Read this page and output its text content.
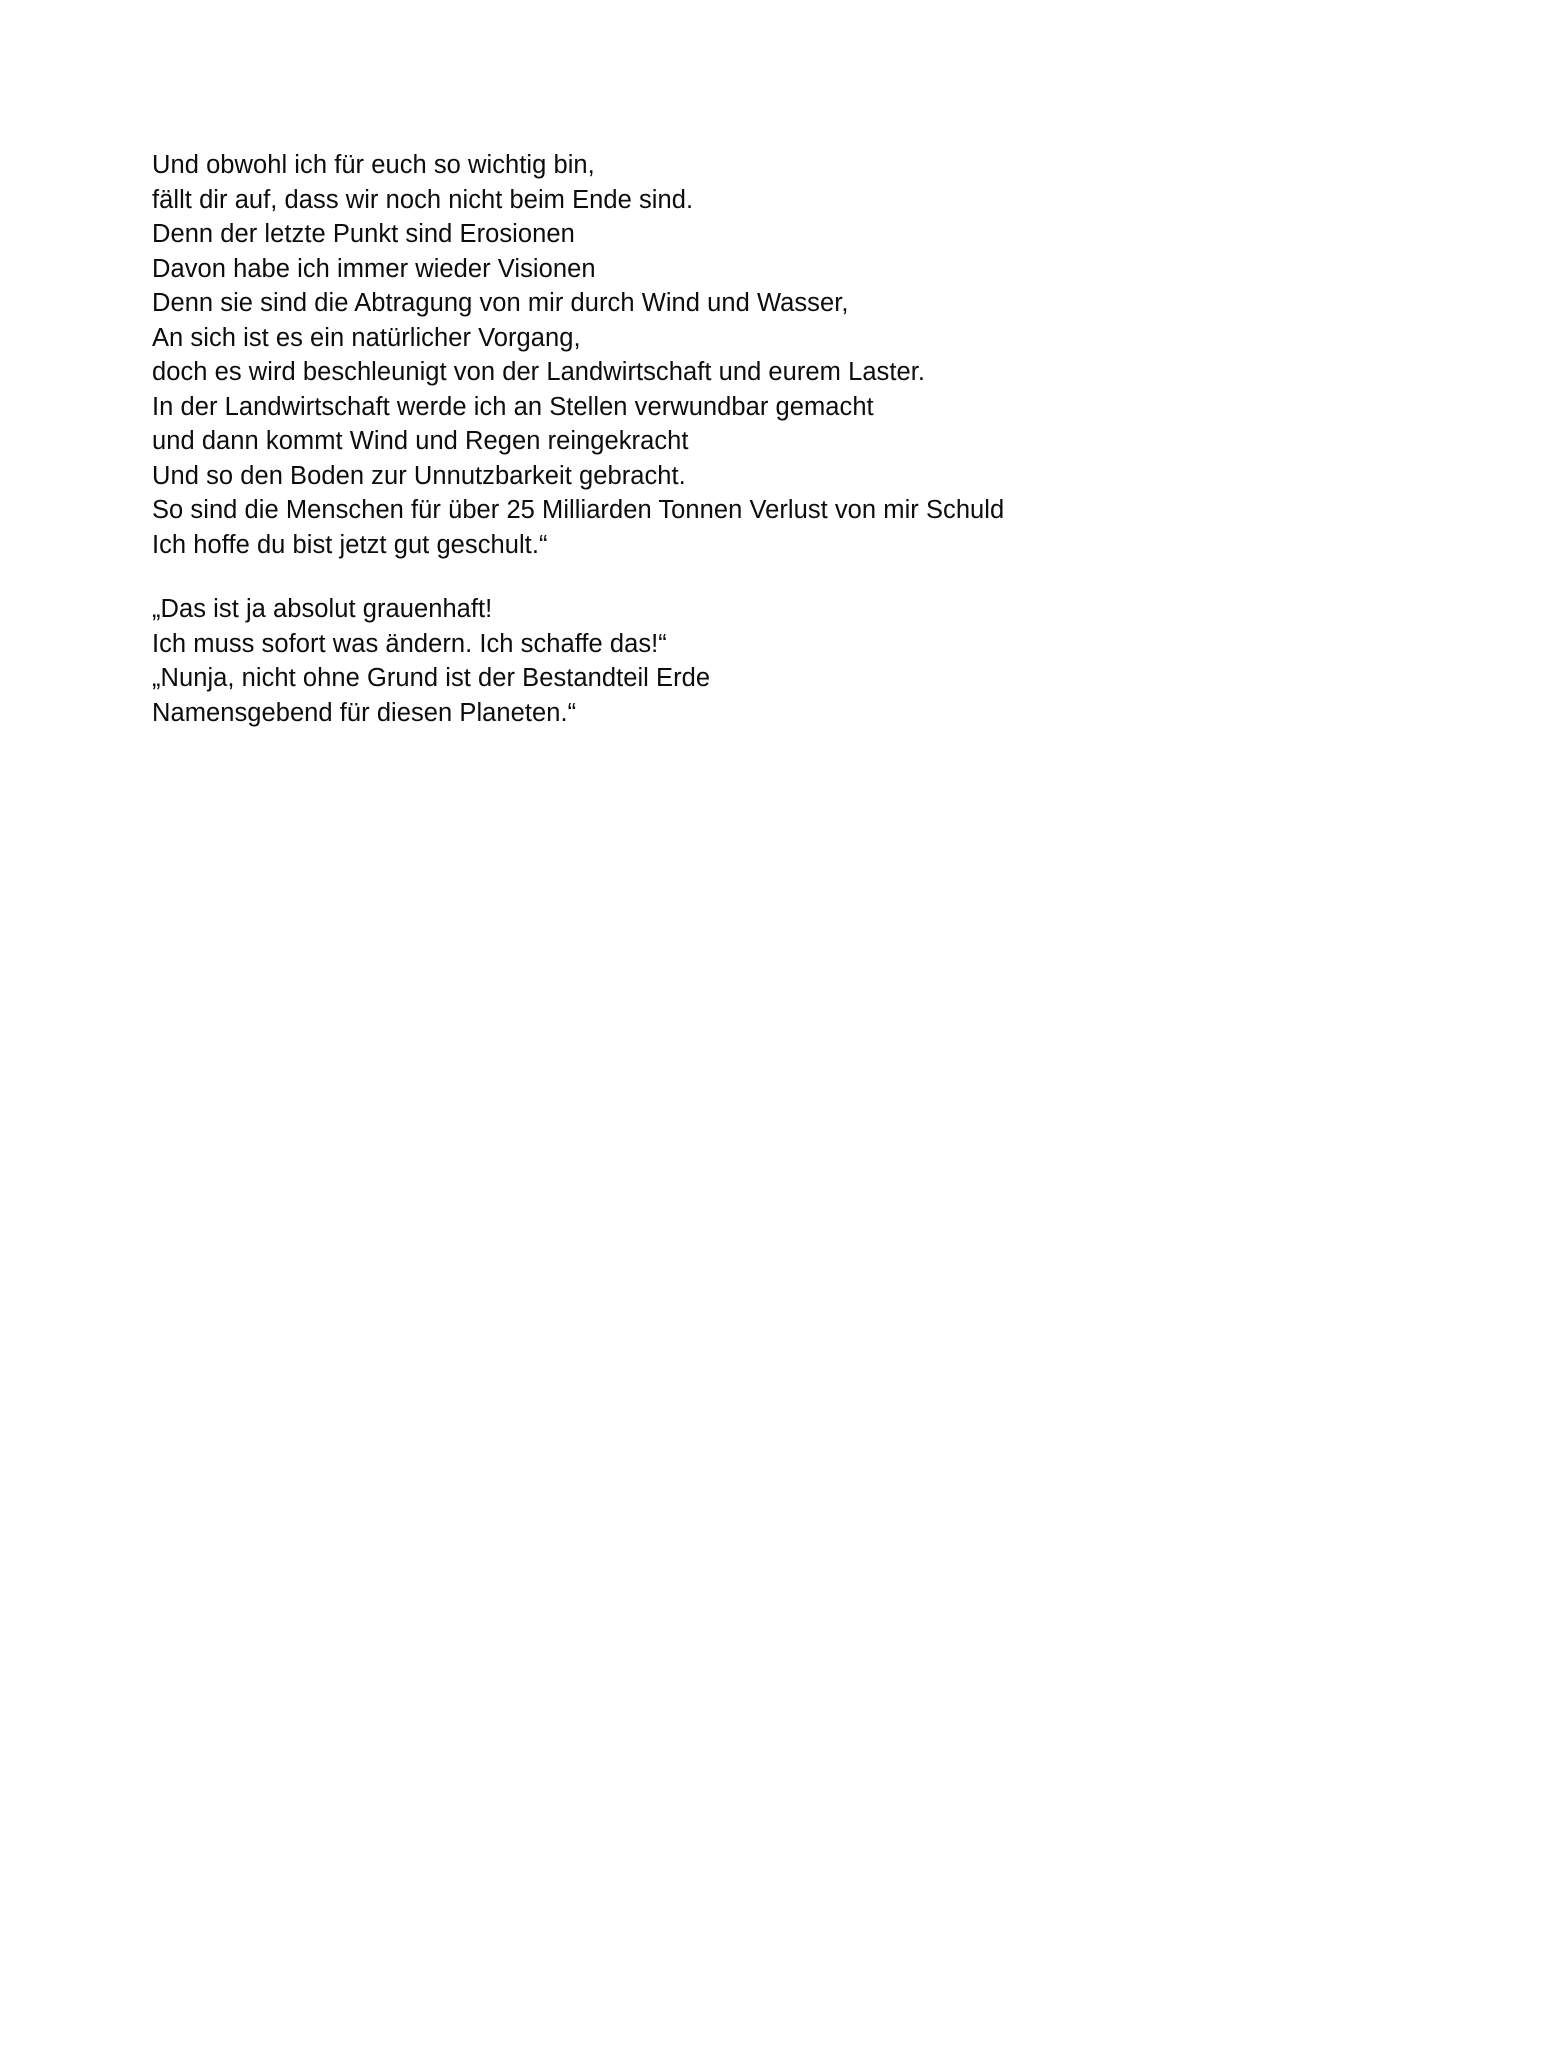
Und obwohl ich für euch so wichtig bin,
fällt dir auf, dass wir noch nicht beim Ende sind.
Denn der letzte Punkt sind Erosionen
Davon habe ich immer wieder Visionen
Denn sie sind die Abtragung von mir durch Wind und Wasser,
An sich ist es ein natürlicher Vorgang,
doch es wird beschleunigt von der Landwirtschaft und eurem Laster.
In der Landwirtschaft werde ich an Stellen verwundbar gemacht
und dann kommt Wind und Regen reingekracht
Und so den Boden zur Unnutzbarkeit gebracht.
So sind die Menschen für über 25 Milliarden Tonnen Verlust von mir Schuld
Ich hoffe du bist jetzt gut geschult.“
„Das ist ja absolut grauenhaft!
Ich muss sofort was ändern. Ich schaffe das!“
„Nunja, nicht ohne Grund ist der Bestandteil Erde
Namensgebend für diesen Planeten.“
